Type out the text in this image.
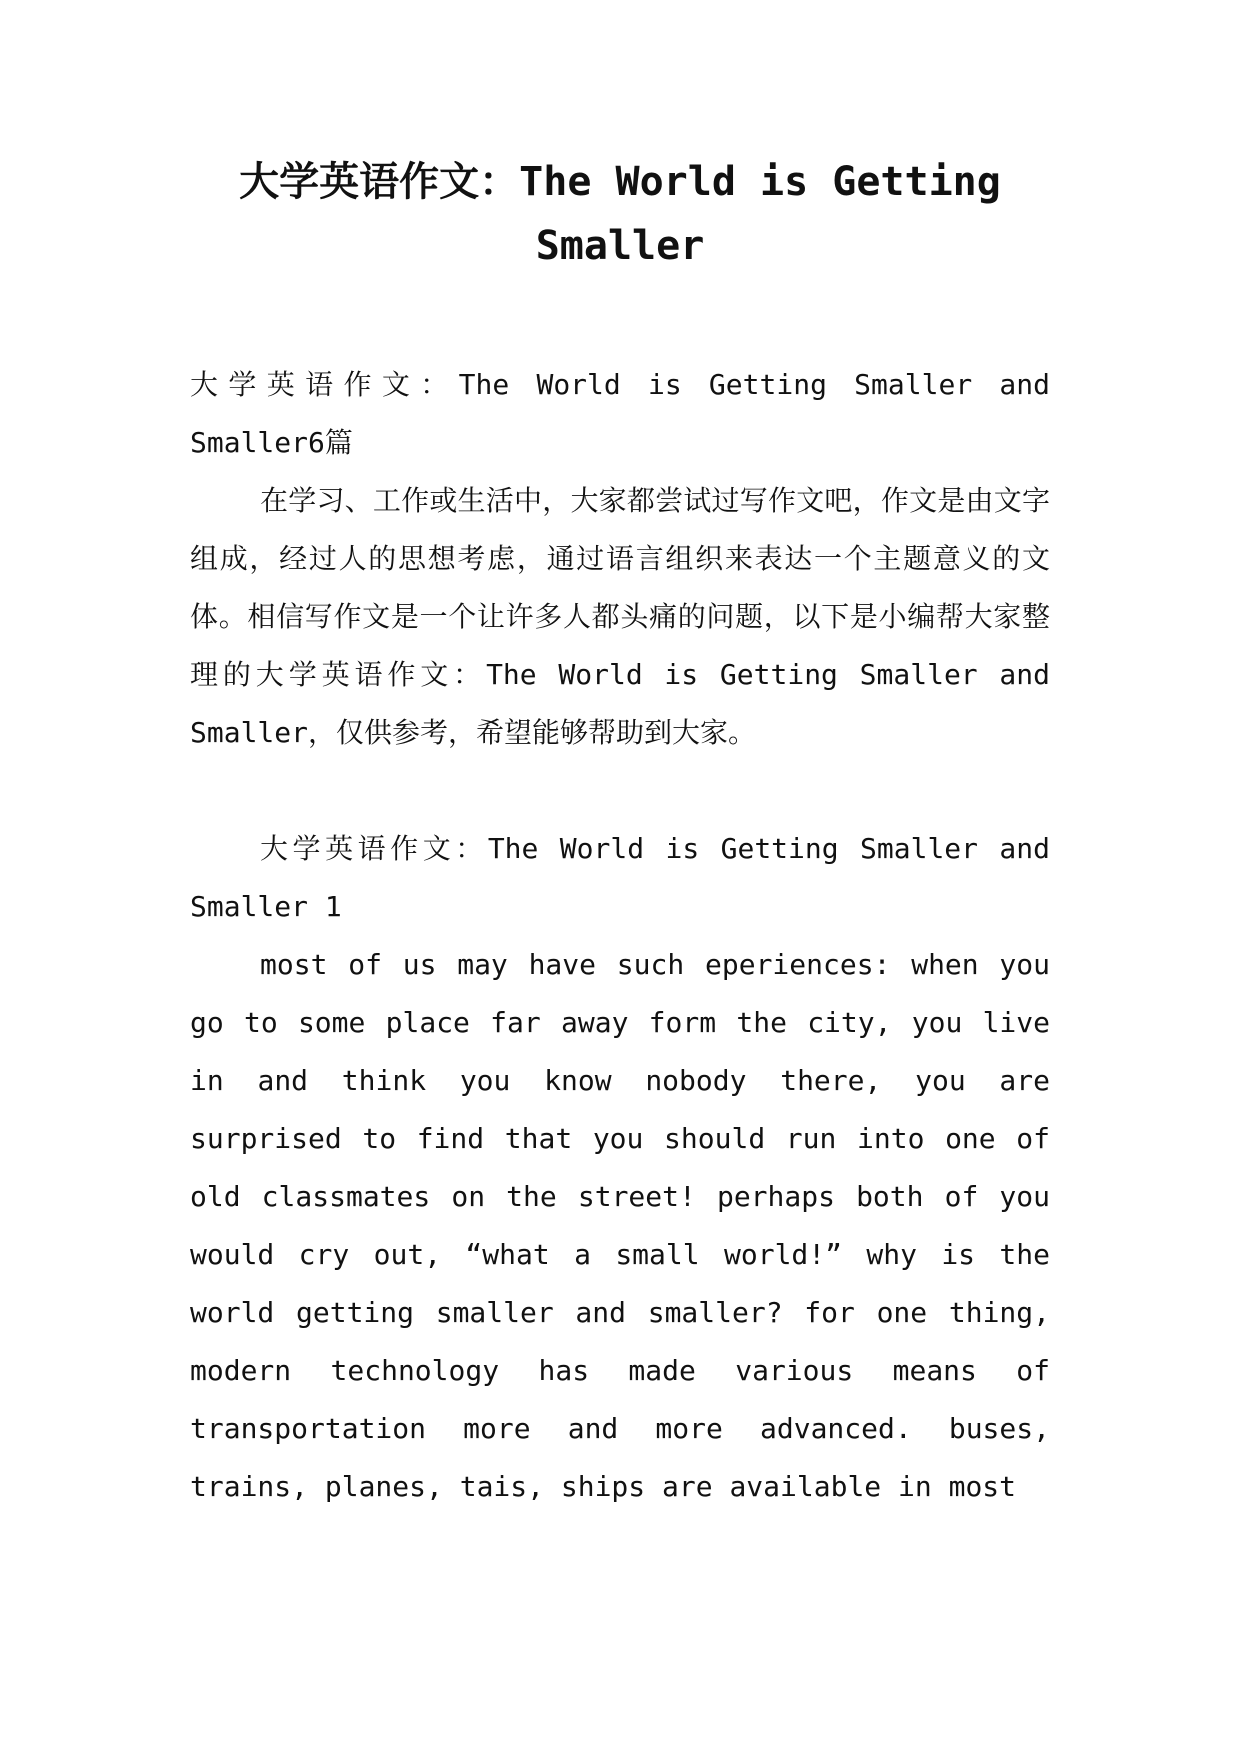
大学英语作文：The World is Getting Smaller

大学英语作文：The World is Getting Smaller and Smaller6篇

在学习、工作或生活中，大家都尝试过写作文吧，作文是由文字组成，经过人的思想考虑，通过语言组织来表达一个主题意义的文体。相信写作文是一个让许多人都头痛的问题，以下是小编帮大家整理的大学英语作文：The World is Getting Smaller and Smaller，仅供参考，希望能够帮助到大家。

大学英语作文：The World is Getting Smaller and Smaller 1

most of us may have such eperiences: when you go to some place far away form the city, you live in and think you know nobody there, you are surprised to find that you should run into one of old classmates on the street! perhaps both of you would cry out, “what a small world!” why is the world getting smaller and smaller? for one thing, modern technology has made various means of transportation more and more advanced. buses, trains, planes, tais, ships are available in most
